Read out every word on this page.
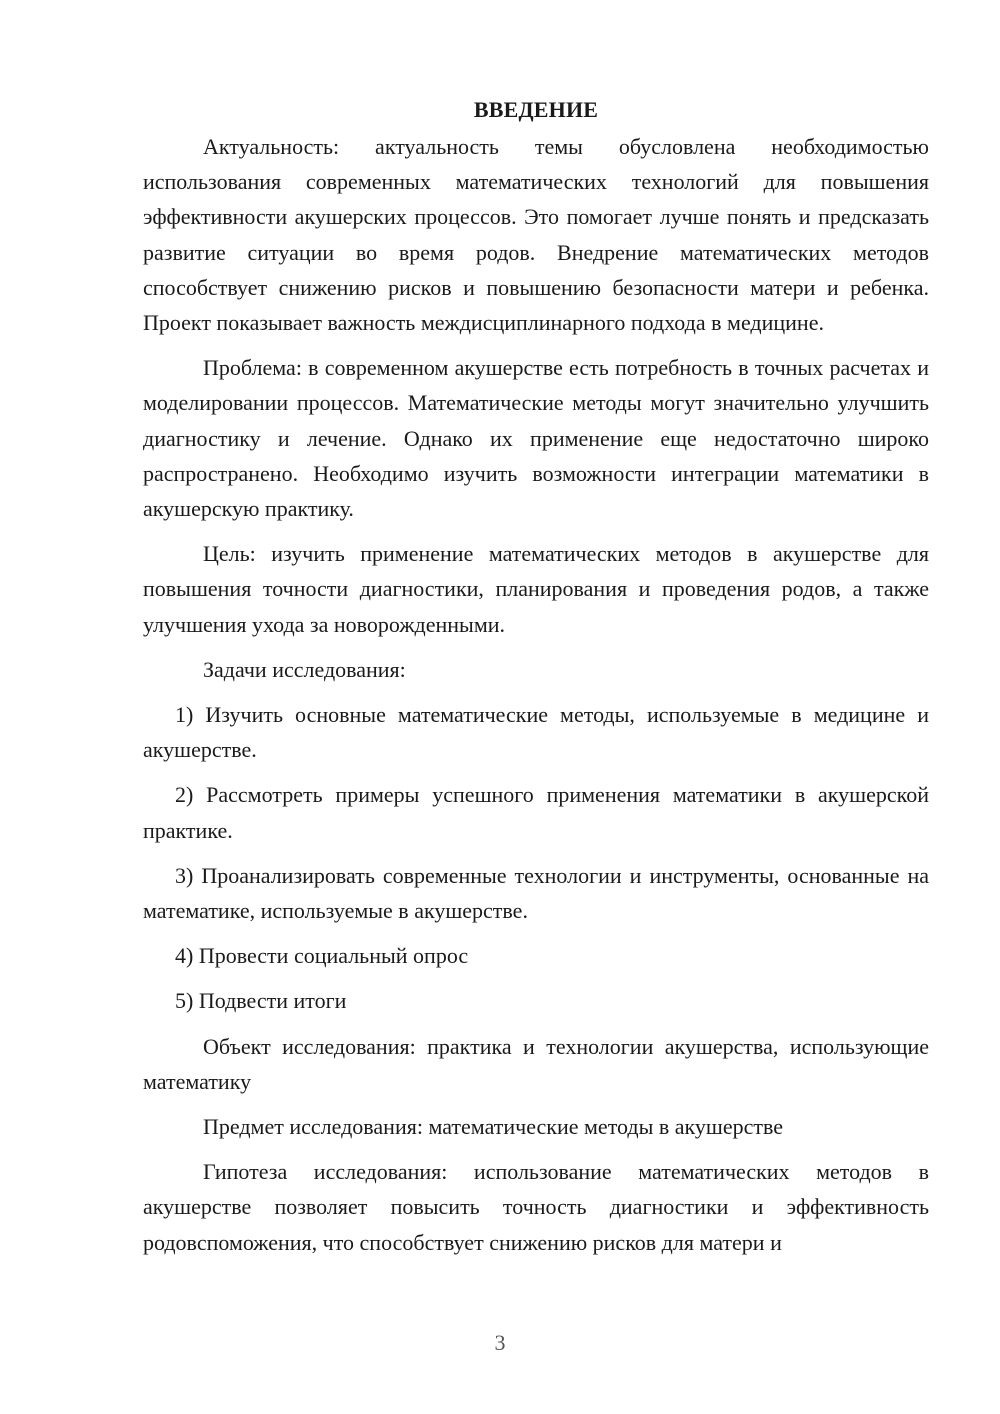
ВВЕДЕНИЕ

Актуальность: актуальность темы обусловлена необходимостью использования современных математических технологий для повышения эффективности акушерских процессов. Это помогает лучше понять и предсказать развитие ситуации во время родов. Внедрение математических методов способствует снижению рисков и повышению безопасности матери и ребенка. Проект показывает важность междисциплинарного подхода в медицине.

Проблема: в современном акушерстве есть потребность в точных расчетах и моделировании процессов. Математические методы могут значительно улучшить диагностику и лечение. Однако их применение еще недостаточно широко распространено. Необходимо изучить возможности интеграции математики в акушерскую практику.

Цель: изучить применение математических методов в акушерстве для повышения точности диагностики, планирования и проведения родов, а также улучшения ухода за новорожденными.

Задачи исследования:

1) Изучить основные математические методы, используемые в медицине и акушерстве.

2) Рассмотреть примеры успешного применения математики в акушерской практике.

3) Проанализировать современные технологии и инструменты, основанные на математике, используемые в акушерстве.

4) Провести социальный опрос

5) Подвести итоги

Объект исследования: практика и технологии акушерства, использующие математику

Предмет исследования: математические методы в акушерстве

Гипотеза исследования: использование математических методов в акушерстве позволяет повысить точность диагностики и эффективность родовспоможения, что способствует снижению рисков для матери и

3
